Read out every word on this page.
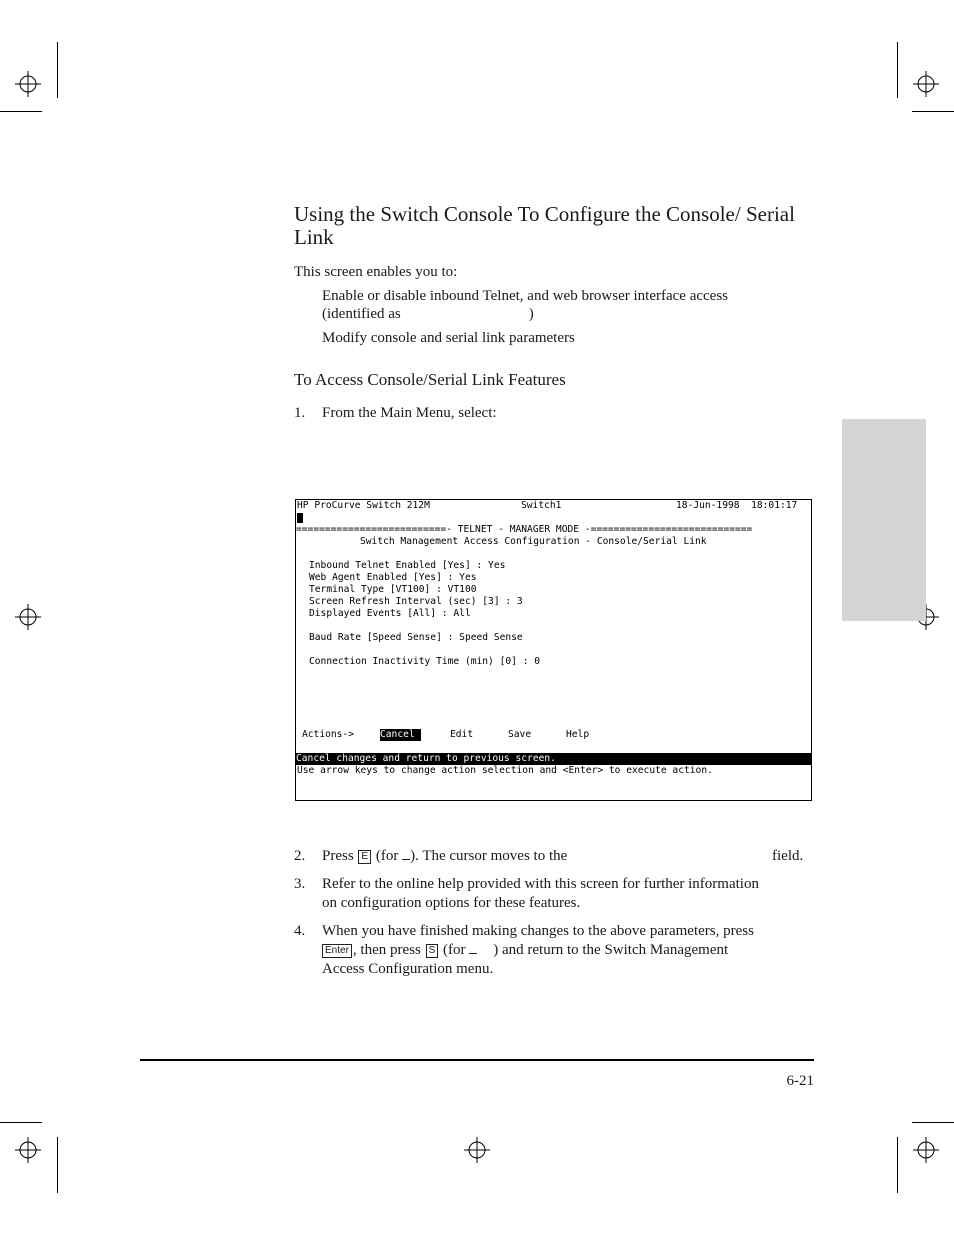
Using the Switch Console To Configure the Console/ Serial Link
This screen enables you to:
Enable or disable inbound Telnet, and web browser interface access
(identified as	)
Modify console and serial link parameters
To Access Console/Serial Link Features
1. From the Main Menu, select:
HP ProCurve Switch 212M	Switch1	18-Jun-1998  18:01:17
==========================- TELNET - MANAGER MODE -============================
Switch Management Access Configuration - Console/Serial Link
Inbound Telnet Enabled [Yes] : Yes
Web Agent Enabled [Yes] : Yes
Terminal Type [VT100] : VT100
Screen Refresh Interval (sec) [3] : 3
Displayed Events [All] : All
Baud Rate [Speed Sense] : Speed Sense
Connection Inactivity Time (min) [0] : 0
Actions->	Cancel	Edit	Save	Help
Cancel changes and return to previous screen.
Use arrow keys to change action selection and <Enter> to execute action.
2. Press E (for ). The cursor moves to the	field.
3. Refer to the online help provided with this screen for further information
on configuration options for these features.
4. When you have finished making changes to the above parameters, press
Enter , then press S (for ) and return to the Switch Management
Access Configuration menu.
6-21
